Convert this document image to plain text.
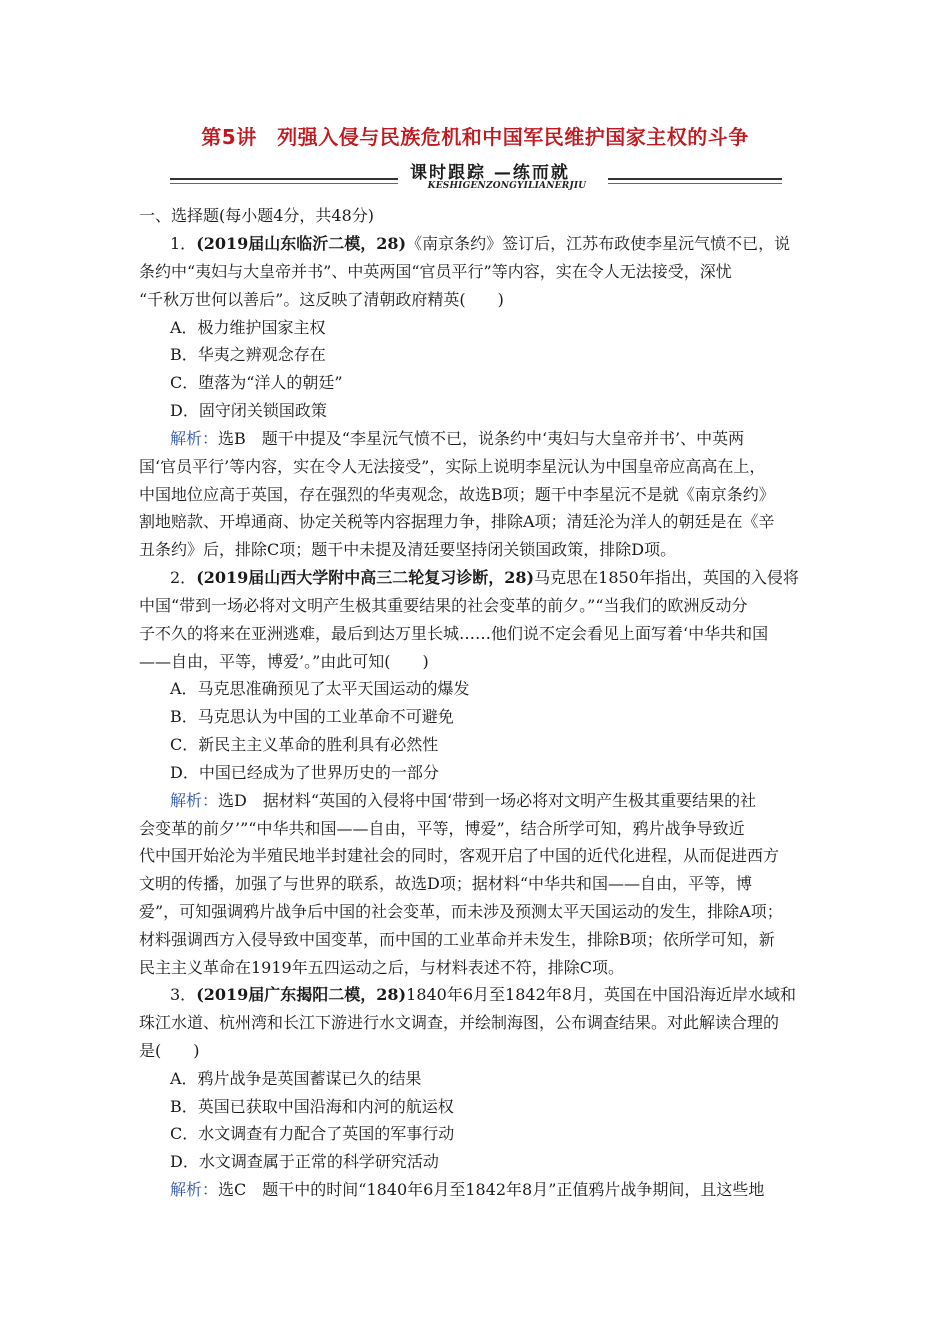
第5讲　列强入侵与民族危机和中国军民维护国家主权的斗争
课时跟踪 —练而就
KESHIGENZONGYILIANERJIU
一、选择题(每小题4分，共48分)
1．(2019届山东临沂二模，28)《南京条约》签订后，江苏布政使李星沅气愤不已，说
条约中“夷妇与大皇帝并书”、中英两国“官员平行”等内容，实在令人无法接受，深忧
“千秋万世何以善后”。这反映了清朝政府精英(　　)
A．极力维护国家主权
B．华夷之辨观念存在
C．堕落为“洋人的朝廷”
D．固守闭关锁国政策
解析：选B　题干中提及“李星沅气愤不已，说条约中‘夷妇与大皇帝并书’、中英两
国‘官员平行’等内容，实在令人无法接受”，实际上说明李星沅认为中国皇帝应高高在上，
中国地位应高于英国，存在强烈的华夷观念，故选B项；题干中李星沅不是就《南京条约》
割地赔款、开埠通商、协定关税等内容据理力争，排除A项；清廷沦为洋人的朝廷是在《辛
丑条约》后，排除C项；题干中未提及清廷要坚持闭关锁国政策，排除D项。
2．(2019届山西大学附中高三二轮复习诊断，28)马克思在1850年指出，英国的入侵将
中国“带到一场必将对文明产生极其重要结果的社会变革的前夕。”“当我们的欧洲反动分
子不久的将来在亚洲逃难，最后到达万里长城……他们说不定会看见上面写着‘中华共和国
——自由，平等，博爱’。”由此可知(　　)
A．马克思准确预见了太平天国运动的爆发
B．马克思认为中国的工业革命不可避免
C．新民主主义革命的胜利具有必然性
D．中国已经成为了世界历史的一部分
解析：选D　据材料“英国的入侵将中国‘带到一场必将对文明产生极其重要结果的社
会变革的前夕’”“中华共和国——自由，平等，博爱”，结合所学可知，鸦片战争导致近
代中国开始沦为半殖民地半封建社会的同时，客观开启了中国的近代化进程，从而促进西方
文明的传播，加强了与世界的联系，故选D项；据材料“中华共和国——自由，平等，博
爱”，可知强调鸦片战争后中国的社会变革，而未涉及预测太平天国运动的发生，排除A项；
材料强调西方入侵导致中国变革，而中国的工业革命并未发生，排除B项；依所学可知，新
民主主义革命在1919年五四运动之后，与材料表述不符，排除C项。
3．(2019届广东揭阳二模，28)1840年6月至1842年8月，英国在中国沿海近岸水域和
珠江水道、杭州湾和长江下游进行水文调查，并绘制海图，公布调查结果。对此解读合理的
是(　　)
A．鸦片战争是英国蓄谋已久的结果
B．英国已获取中国沿海和内河的航运权
C．水文调查有力配合了英国的军事行动
D．水文调查属于正常的科学研究活动
解析：选C　题干中的时间“1840年6月至1842年8月”正值鸦片战争期间，且这些地
